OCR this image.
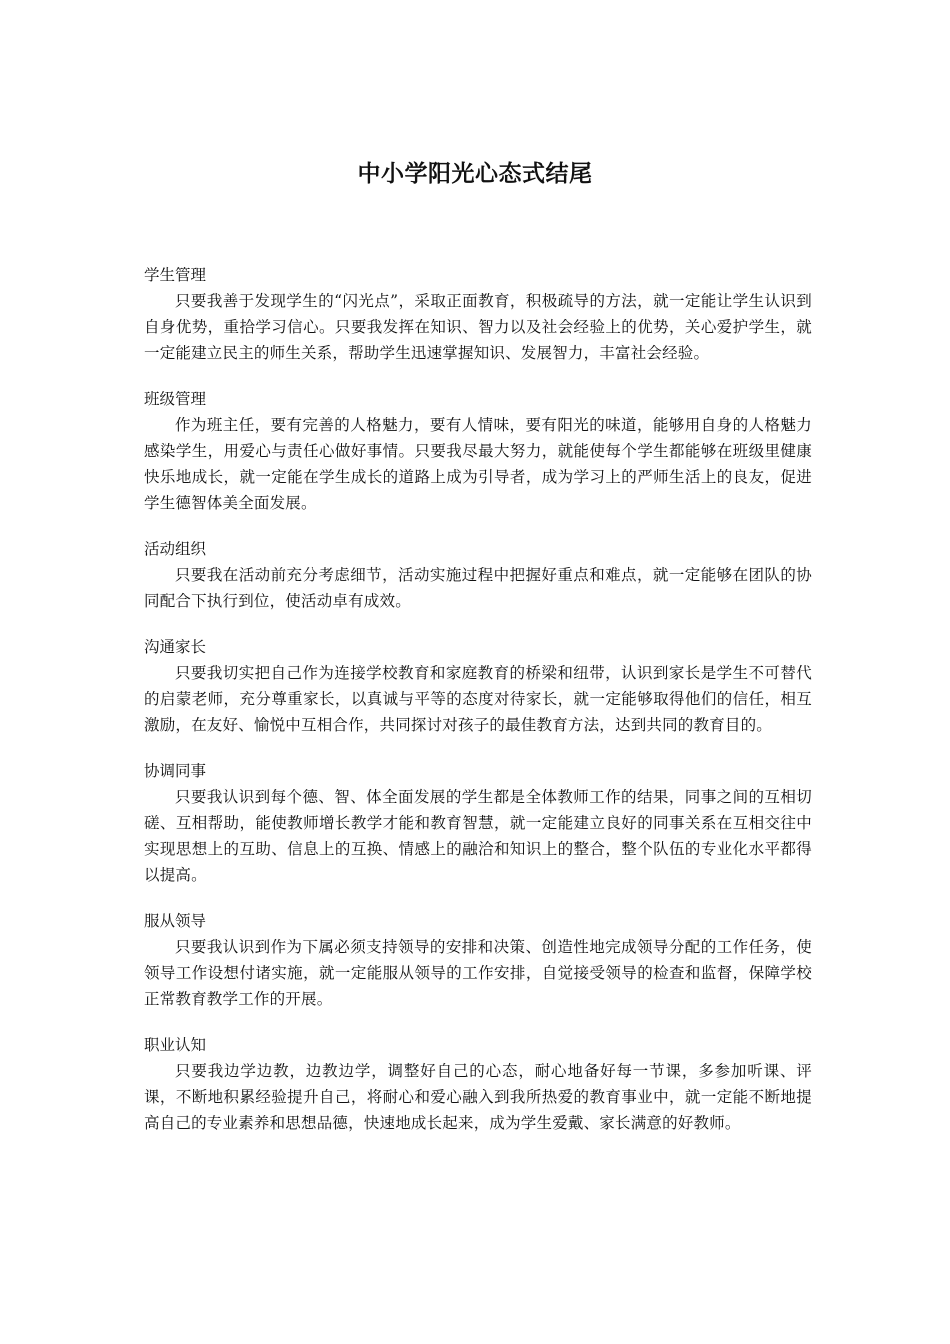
中小学阳光心态式结尾

学生管理

只要我善于发现学生的“闪光点”，采取正面教育，积极疏导的方法，就一定能让学生认识到自身优势，重拾学习信心。只要我发挥在知识、智力以及社会经验上的优势，关心爱护学生，就一定能建立民主的师生关系，帮助学生迅速掌握知识、发展智力，丰富社会经验。

班级管理

作为班主任，要有完善的人格魅力，要有人情味，要有阳光的味道，能够用自身的人格魅力感染学生，用爱心与责任心做好事情。只要我尽最大努力，就能使每个学生都能够在班级里健康快乐地成长，就一定能在学生成长的道路上成为引导者，成为学习上的严师生活上的良友，促进学生德智体美全面发展。

活动组织

只要我在活动前充分考虑细节，活动实施过程中把握好重点和难点，就一定能够在团队的协同配合下执行到位，使活动卓有成效。

沟通家长

只要我切实把自己作为连接学校教育和家庭教育的桥梁和纽带，认识到家长是学生不可替代的启蒙老师，充分尊重家长，以真诚与平等的态度对待家长，就一定能够取得他们的信任，相互激励，在友好、愉悦中互相合作，共同探讨对孩子的最佳教育方法，达到共同的教育目的。

协调同事

只要我认识到每个德、智、体全面发展的学生都是全体教师工作的结果，同事之间的互相切磋、互相帮助，能使教师增长教学才能和教育智慧，就一定能建立良好的同事关系在互相交往中实现思想上的互助、信息上的互换、情感上的融洽和知识上的整合，整个队伍的专业化水平都得以提高。

服从领导

只要我认识到作为下属必须支持领导的安排和决策、创造性地完成领导分配的工作任务，使领导工作设想付诸实施，就一定能服从领导的工作安排，自觉接受领导的检查和监督，保障学校正常教育教学工作的开展。

职业认知

只要我边学边教，边教边学，调整好自己的心态，耐心地备好每一节课，多参加听课、评课，不断地积累经验提升自己，将耐心和爱心融入到我所热爱的教育事业中，就一定能不断地提高自己的专业素养和思想品德，快速地成长起来，成为学生爱戴、家长满意的好教师。
